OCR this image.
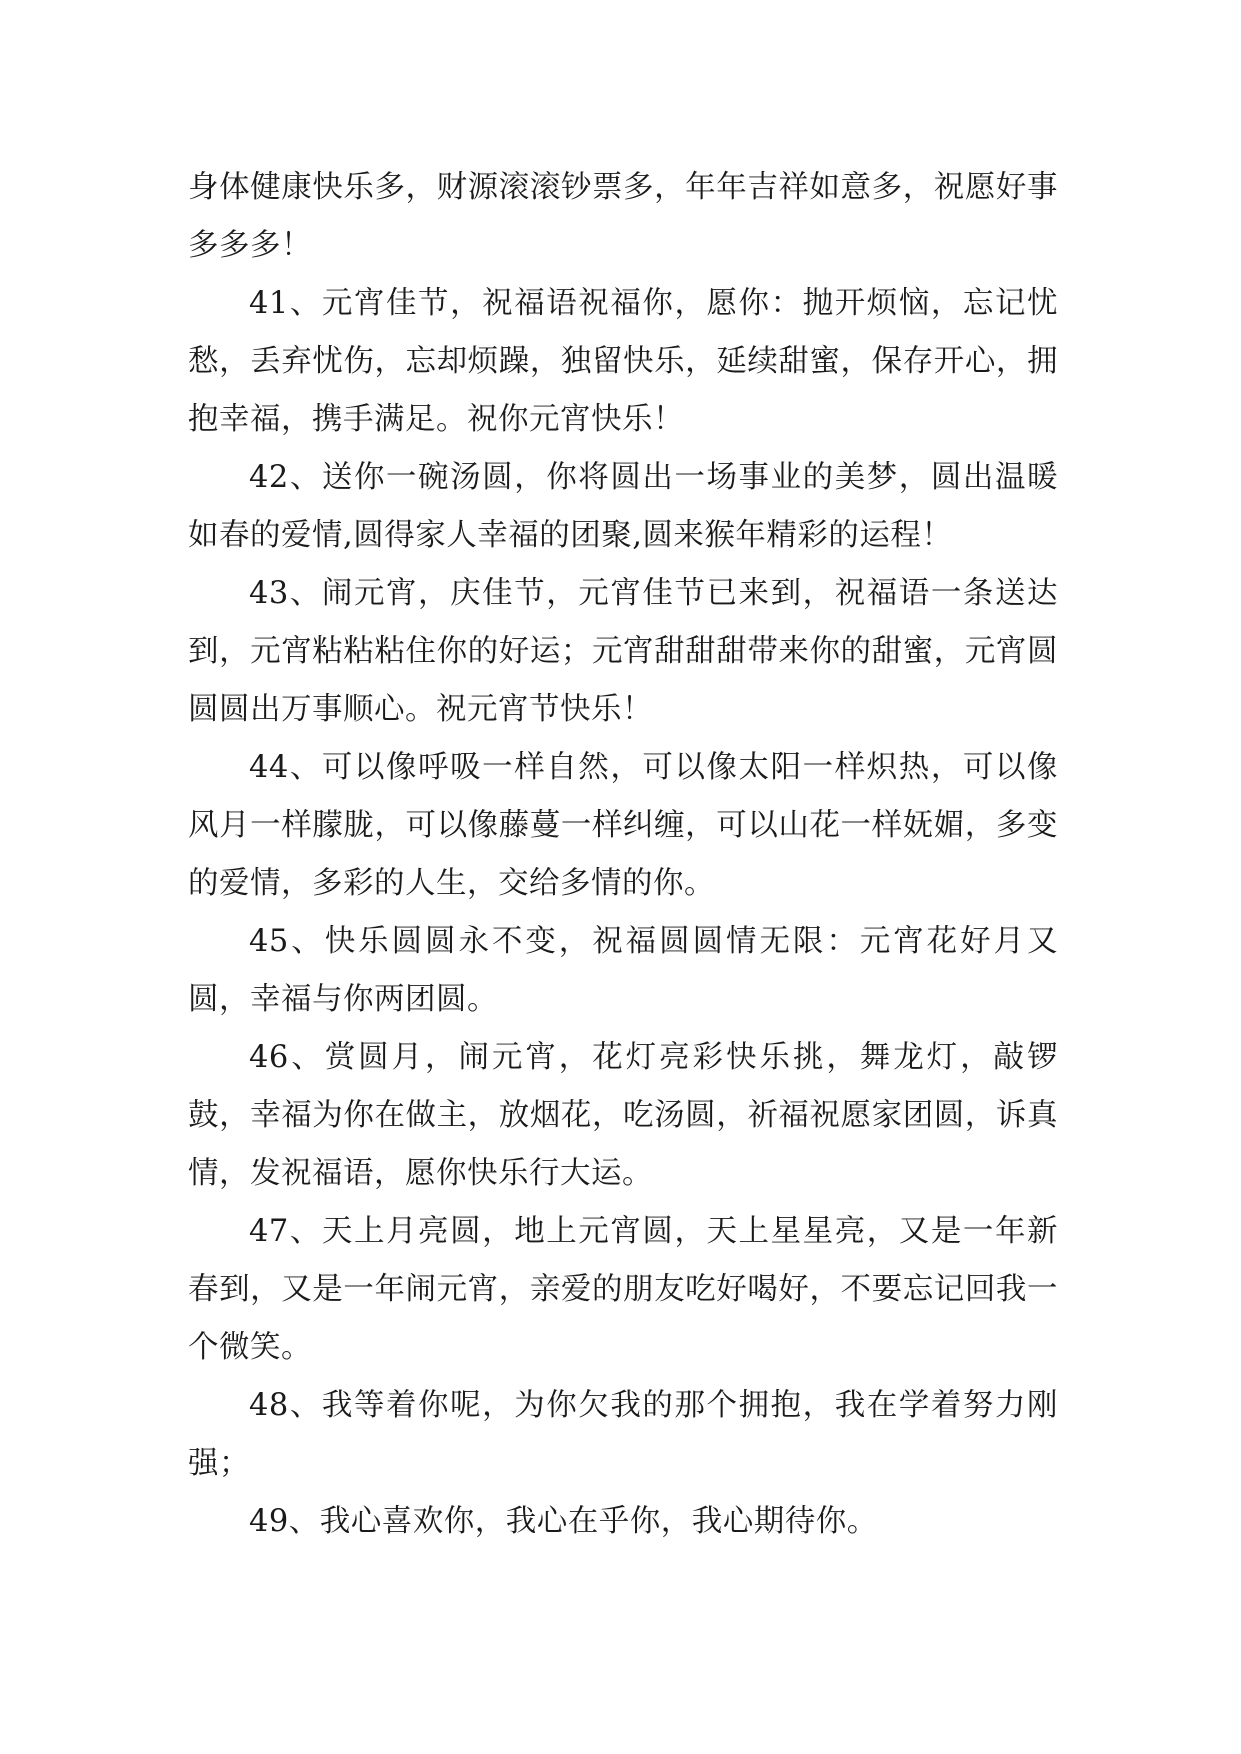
身体健康快乐多，财源滚滚钞票多，年年吉祥如意多，祝愿好事多多多！

41、元宵佳节，祝福语祝福你，愿你：抛开烦恼，忘记忧愁，丢弃忧伤，忘却烦躁，独留快乐，延续甜蜜，保存开心，拥抱幸福，携手满足。祝你元宵快乐！

42、送你一碗汤圆，你将圆出一场事业的美梦，圆出温暖如春的爱情,圆得家人幸福的团聚,圆来猴年精彩的运程！

43、闹元宵，庆佳节，元宵佳节已来到，祝福语一条送达到，元宵粘粘粘住你的好运；元宵甜甜甜带来你的甜蜜，元宵圆圆圆出万事顺心。祝元宵节快乐！

44、可以像呼吸一样自然，可以像太阳一样炽热，可以像风月一样朦胧，可以像藤蔓一样纠缠，可以山花一样妩媚，多变的爱情，多彩的人生，交给多情的你。

45、快乐圆圆永不变，祝福圆圆情无限：元宵花好月又圆，幸福与你两团圆。

46、赏圆月，闹元宵，花灯亮彩快乐挑，舞龙灯，敲锣鼓，幸福为你在做主，放烟花，吃汤圆，祈福祝愿家团圆，诉真情，发祝福语，愿你快乐行大运。

47、天上月亮圆，地上元宵圆，天上星星亮，又是一年新春到，又是一年闹元宵，亲爱的朋友吃好喝好，不要忘记回我一个微笑。

48、我等着你呢，为你欠我的那个拥抱，我在学着努力刚强；

49、我心喜欢你，我心在乎你，我心期待你。
